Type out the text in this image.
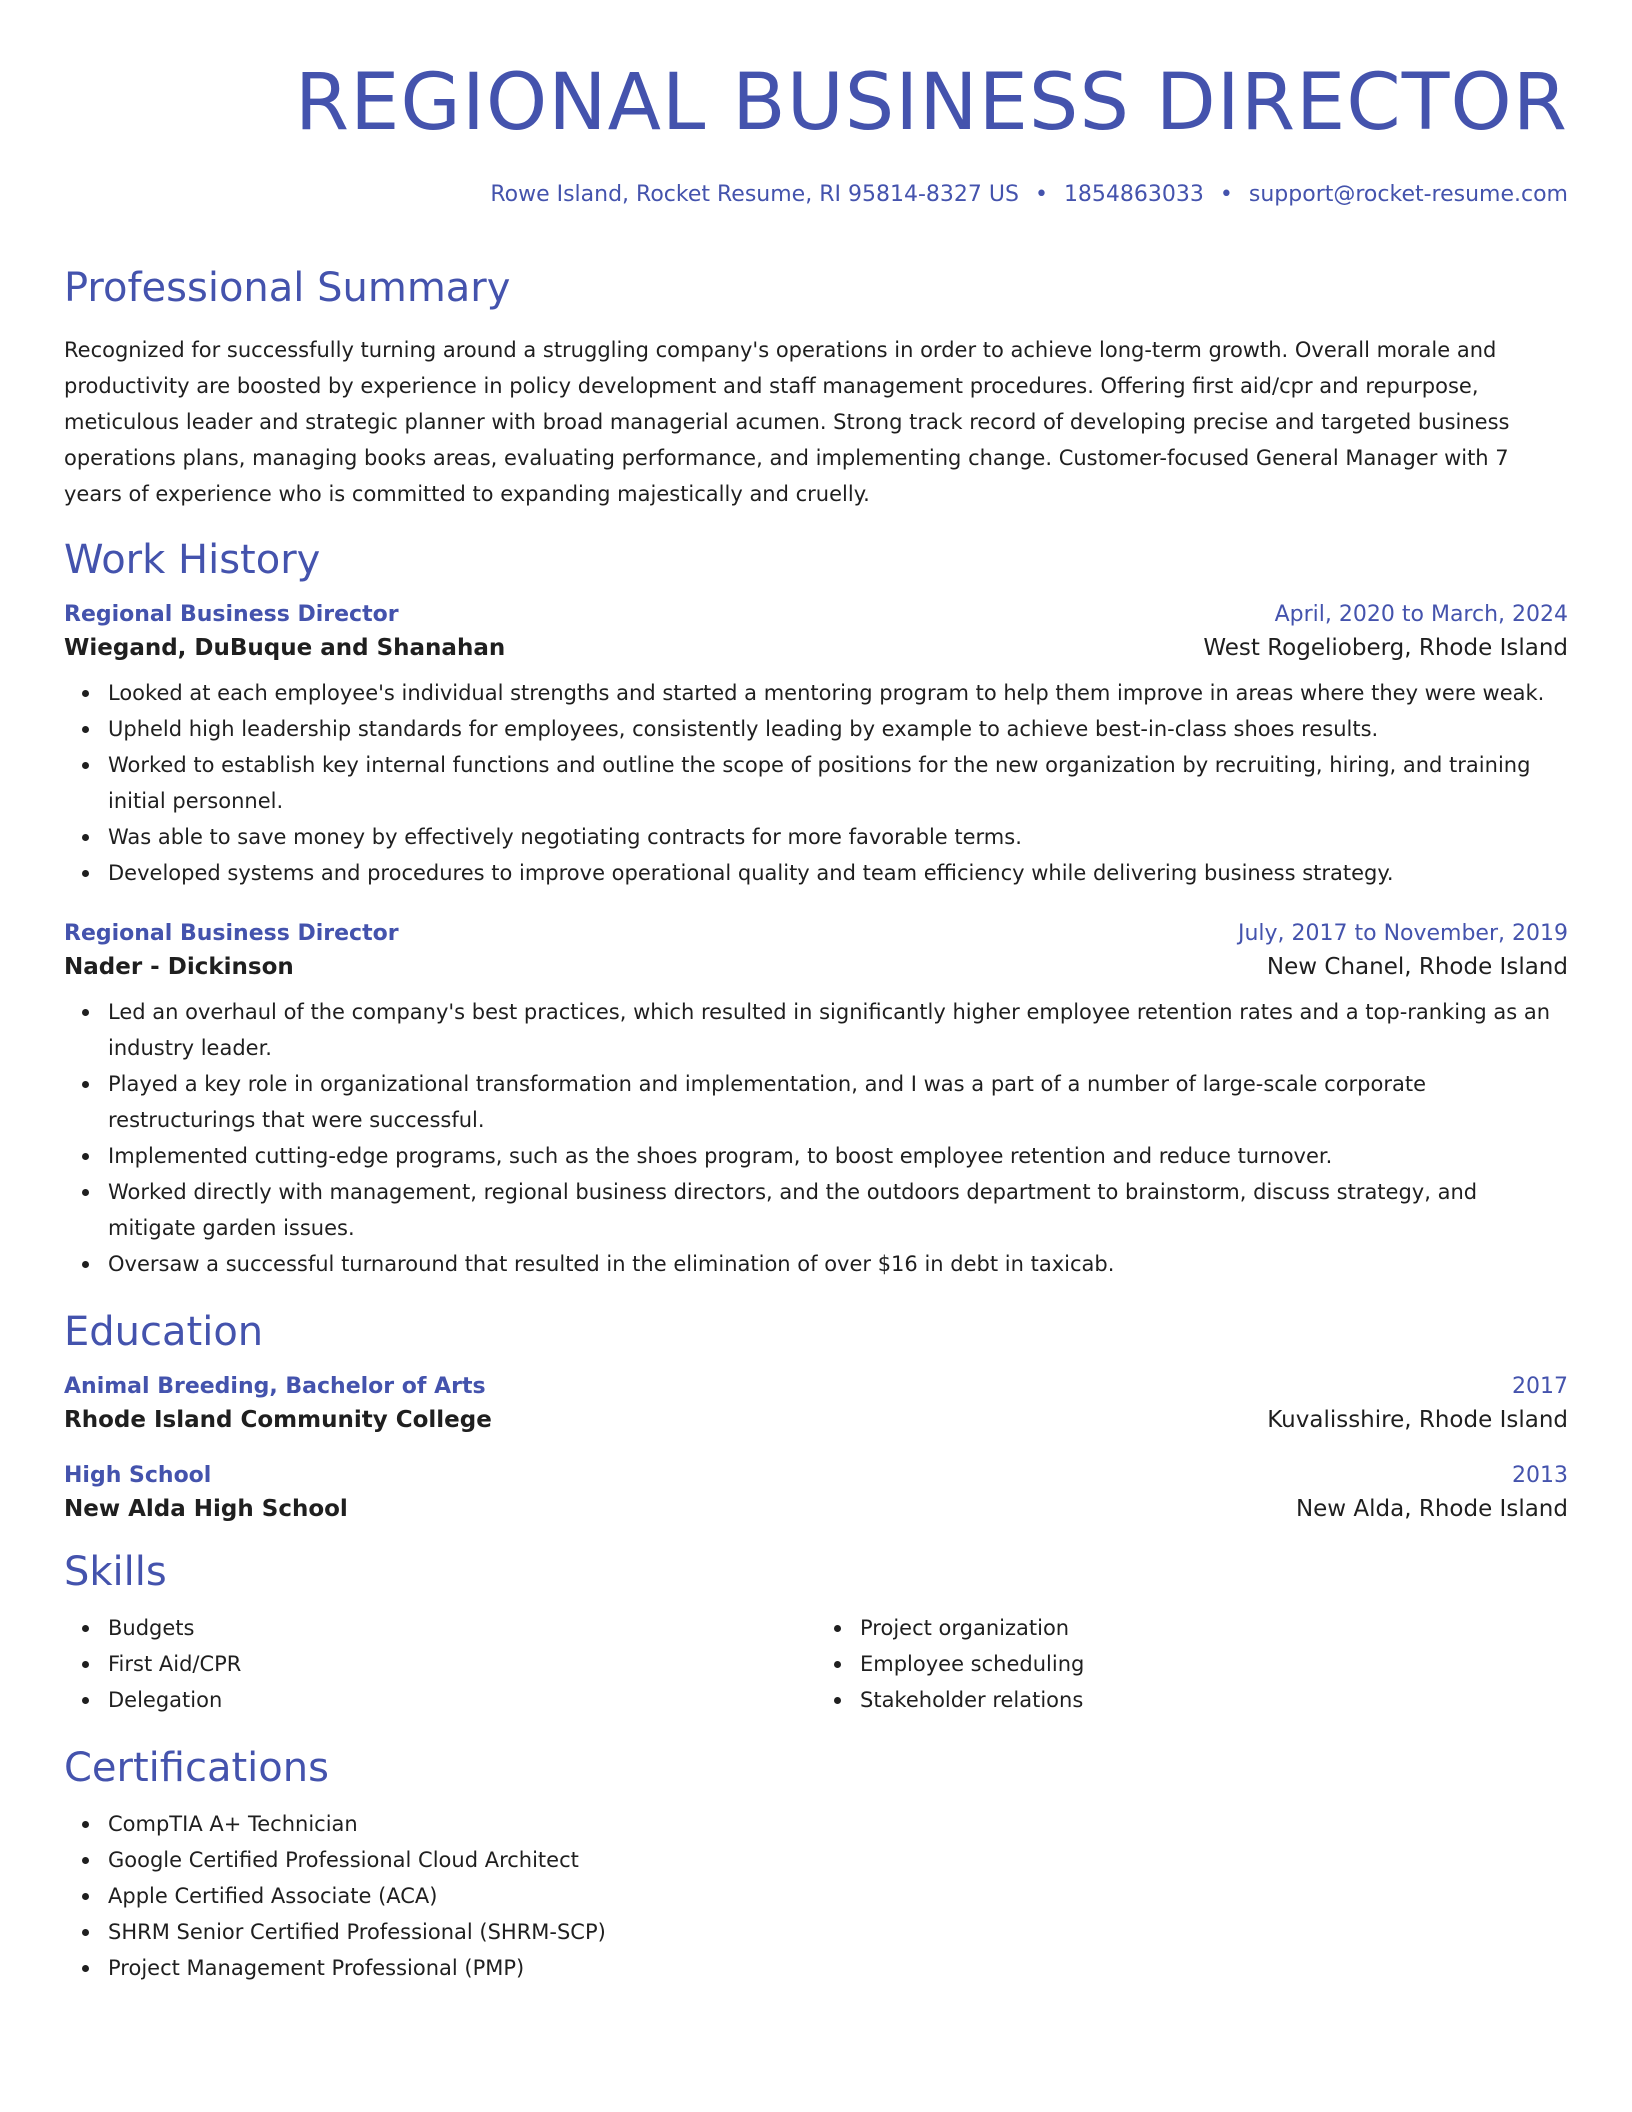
REGIONAL BUSINESS DIRECTOR
Rowe Island, Rocket Resume, RI 95814-8327 US • 1854863033 • support@rocket-resume.com
Professional Summary

Recognized for successfully turning around a struggling company's operations in order to achieve long-term growth. Overall morale and productivity are boosted by experience in policy development and staff management procedures. Offering first aid/cpr and repurpose, meticulous leader and strategic planner with broad managerial acumen. Strong track record of developing precise and targeted business operations plans, managing books areas, evaluating performance, and implementing change. Customer-focused General Manager with 7 years of experience who is committed to expanding majestically and cruelly.

Work History
Regional Business Director	April, 2020 to March, 2024
Wiegand, DuBuque and Shanahan	West Rogelioberg, Rhode Island
Looked at each employee's individual strengths and started a mentoring program to help them improve in areas where they were weak.
Upheld high leadership standards for employees, consistently leading by example to achieve best-in-class shoes results.
Worked to establish key internal functions and outline the scope of positions for the new organization by recruiting, hiring, and training initial personnel.
Was able to save money by effectively negotiating contracts for more favorable terms.
Developed systems and procedures to improve operational quality and team efficiency while delivering business strategy.
Regional Business Director	July, 2017 to November, 2019
Nader - Dickinson	New Chanel, Rhode Island
Led an overhaul of the company's best practices, which resulted in significantly higher employee retention rates and a top-ranking as an industry leader.
Played a key role in organizational transformation and implementation, and I was a part of a number of large-scale corporate restructurings that were successful.
Implemented cutting-edge programs, such as the shoes program, to boost employee retention and reduce turnover.
Worked directly with management, regional business directors, and the outdoors department to brainstorm, discuss strategy, and mitigate garden issues.
Oversaw a successful turnaround that resulted in the elimination of over $16 in debt in taxicab.
Education
Animal Breeding, Bachelor of Arts	2017
Rhode Island Community College	Kuvalisshire, Rhode Island
High School	2013
New Alda High School	New Alda, Rhode Island
Skills
Budgets
First Aid/CPR
Delegation
Project organization
Employee scheduling
Stakeholder relations
Certifications
CompTIA A+ Technician
Google Certified Professional Cloud Architect
Apple Certified Associate (ACA)
SHRM Senior Certified Professional (SHRM-SCP)
Project Management Professional (PMP)
